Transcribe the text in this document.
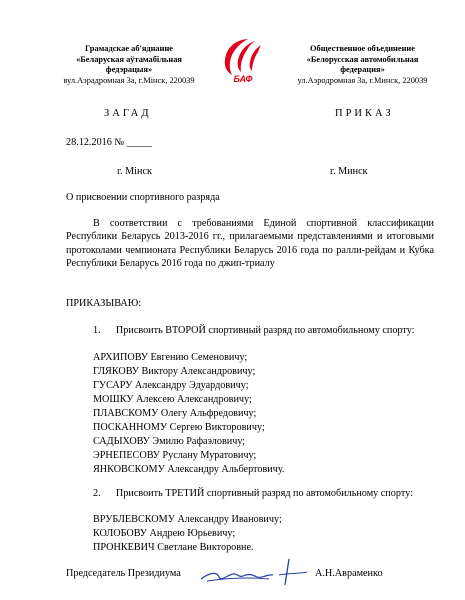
Грамадскае аб'яднанне
«Беларуская аўтамабільная
федэрацыя»
вул.Аэрадромная 3а, г.Мінск, 220039	БАФ
Общественное объединение
«Белорусская автомобильная
федерация»
ул.Аэродромная 3а, г.Минск, 220039
ЗАГАД	ПРИКАЗ
28.12.2016 № _____
г. Мінск	г. Минск
О присвоении спортивного разряда
В соответствии с требованиями Единой спортивной классификации Республики Беларусь 2013-2016 гг., прилагаемыми представлениями и итоговыми протоколами чемпионата Республики Беларусь 2016 года по ралли-рейдам и Кубка Республики Беларусь 2016 года по джип-триалу
ПРИКАЗЫВАЮ:
1.      Присвоить ВТОРОЙ спортивный разряд по автомобильному спорту:
АРХИПОВУ Евгению Семеновичу;
ГЛЯКОВУ Виктору Александровичу;
ГУСАРУ Александру Эдуардовичу;
МОШКУ Алексею Александровичу;
ПЛАВСКОМУ Олегу Альфредовичу;
ПОСКАННОМУ Сергею Викторовичу;
САДЫХОВУ Эмилю Рафаэловичу;
ЭРНЕПЕСОВУ Руслану Муратовичу;
ЯНКОВСКОМУ Александру Альбертовичу.
2.      Присвоить ТРЕТИЙ спортивный разряд по автомобильному спорту:
ВРУБЛЕВСКОМУ Александру Ивановичу;
КОЛОБОВУ Андрею Юрьевичу;
ПРОНКЕВИЧ Светлане Викторовне.
Председатель Президиума	А.Н.Авраменко
